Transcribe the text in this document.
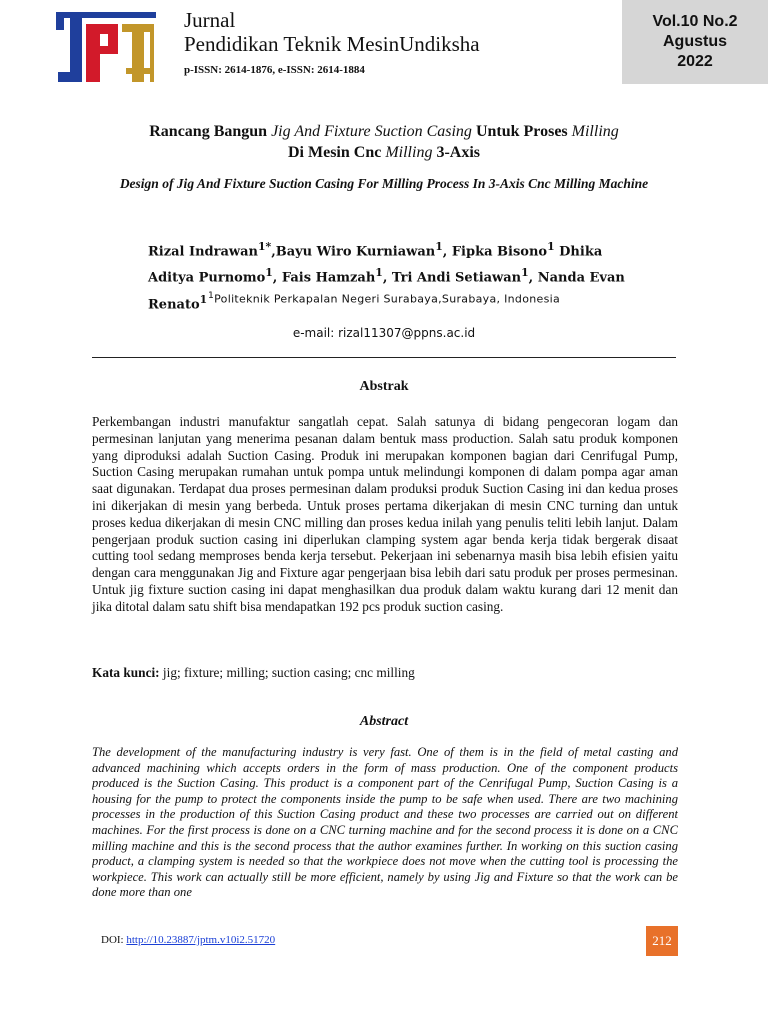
Jurnal
Pendidikan Teknik MesinUndiksha
p-ISSN: 2614-1876, e-ISSN: 2614-1884
Vol.10 No.2
Agustus
2022
Rancang Bangun Jig And Fixture Suction Casing Untuk Proses Milling
Di Mesin Cnc Milling 3-Axis
Design of Jig And Fixture Suction Casing For Milling Process In 3-Axis Cnc Milling Machine
Rizal Indrawan$^{1*}$,Bayu Wiro Kurniawan$^1$, Fipka Bisono$^1$ Dhika Aditya Purnomo$^1$, Fais Hamzah$^1$, Tri Andi Setiawan$^1$, Nanda Evan Renato$^1$ $^1$Politeknik Perkapalan Negeri Surabaya,Surabaya, Indonesia
e-mail: rizal11307@ppns.ac.id
Abstrak
Perkembangan industri manufaktur sangatlah cepat. Salah satunya di bidang pengecoran logam dan permesinan lanjutan yang menerima pesanan dalam bentuk mass production. Salah satu produk komponen yang diproduksi adalah Suction Casing. Produk ini merupakan komponen bagian dari Cenrifugal Pump, Suction Casing merupakan rumahan untuk pompa untuk melindungi komponen di dalam pompa agar aman saat digunakan. Terdapat dua proses permesinan dalam produksi produk Suction Casing ini dan kedua proses ini dikerjakan di mesin yang berbeda. Untuk proses pertama dikerjakan di mesin CNC turning dan untuk proses kedua dikerjakan di mesin CNC milling dan proses kedua inilah yang penulis teliti lebih lanjut. Dalam pengerjaan produk suction casing ini diperlukan clamping system agar benda kerja tidak bergerak disaat cutting tool sedang memproses benda kerja tersebut. Pekerjaan ini sebenarnya masih bisa lebih efisien yaitu dengan cara menggunakan Jig and Fixture agar pengerjaan bisa lebih dari satu produk per proses permesinan. Untuk jig fixture suction casing ini dapat menghasilkan dua produk dalam waktu kurang dari 12 menit dan jika ditotal dalam satu shift bisa mendapatkan 192 pcs produk suction casing.
Kata kunci: jig; fixture; milling; suction casing; cnc milling
Abstract
The development of the manufacturing industry is very fast. One of them is in the field of metal casting and advanced machining which accepts orders in the form of mass production. One of the component products produced is the Suction Casing. This product is a component part of the Cenrifugal Pump, Suction Casing is a housing for the pump to protect the components inside the pump to be safe when used. There are two machining processes in the production of this Suction Casing product and these two processes are carried out on different machines. For the first process is done on a CNC turning machine and for the second process it is done on a CNC milling machine and this is the second process that the author examines further. In working on this suction casing product, a clamping system is needed so that the workpiece does not move when the cutting tool is processing the workpiece. This work can actually still be more efficient, namely by using Jig and Fixture so that the work can be done more than one
DOI: http://10.23887/jptm.v10i2.51720	212
